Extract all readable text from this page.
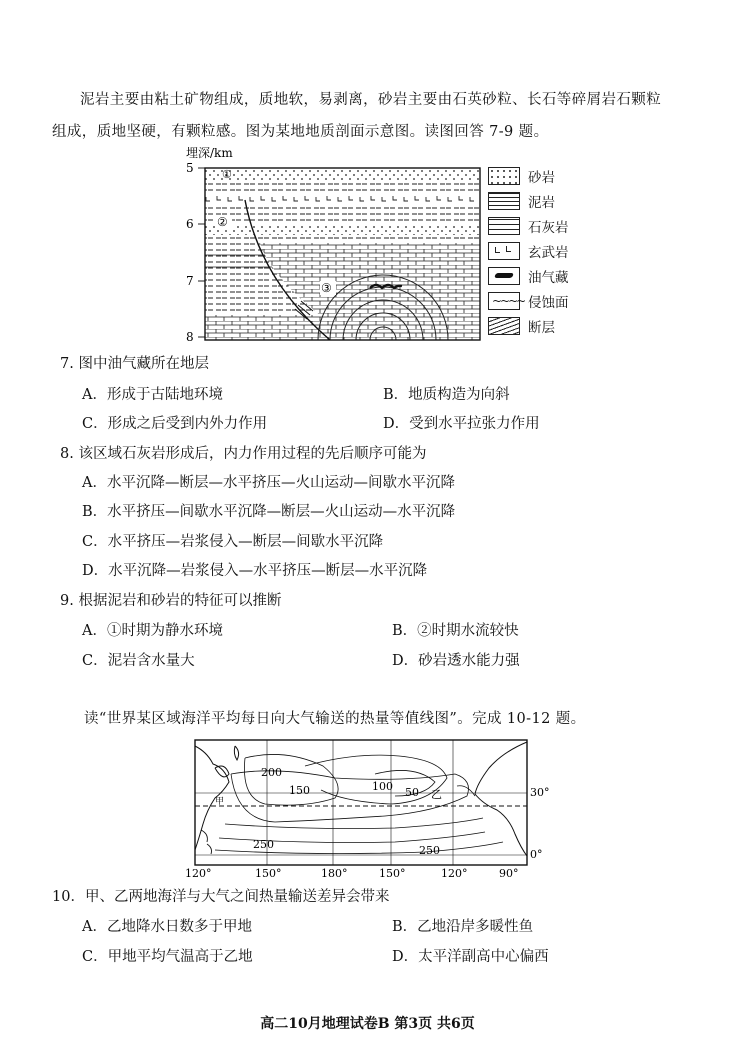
泥岩主要由粘土矿物组成，质地软，易剥离，砂岩主要由石英砂粒、长石等碎屑岩石颗粒
组成，质地坚硬，有颗粒感。图为某地地质剖面示意图。读图回答 7-9 题。
埋深/km
5
6
7
8
①
②
③
砂岩
泥岩
石灰岩
玄武岩
油气藏
~~~~ 侵蚀面
断层
7. 图中油气藏所在地层
A．形成于古陆地环境	B．地质构造为向斜
C．形成之后受到内外力作用	D．受到水平拉张力作用
8. 该区域石灰岩形成后，内力作用过程的先后顺序可能为
A．水平沉降—断层—水平挤压—火山运动—间歇水平沉降
B．水平挤压—间歇水平沉降—断层—火山运动—水平沉降
C．水平挤压—岩浆侵入—断层—间歇水平沉降
D．水平沉降—岩浆侵入—水平挤压—断层—水平沉降
9. 根据泥岩和砂岩的特征可以推断
A．①时期为静水环境	B．②时期水流较快
C．泥岩含水量大	D．砂岩透水能力强
读“世界某区域海洋平均每日向大气输送的热量等值线图”。完成 10-12 题。
200
150	100 50
250	250
甲
乙	30°
0°
120°	150°	180°	150°	120°	90°
10．甲、乙两地海洋与大气之间热量输送差异会带来
A．乙地降水日数多于甲地	B．乙地沿岸多暖性鱼
C．甲地平均气温高于乙地	D．太平洋副高中心偏西
高二10月地理试卷B 第3页 共6页
